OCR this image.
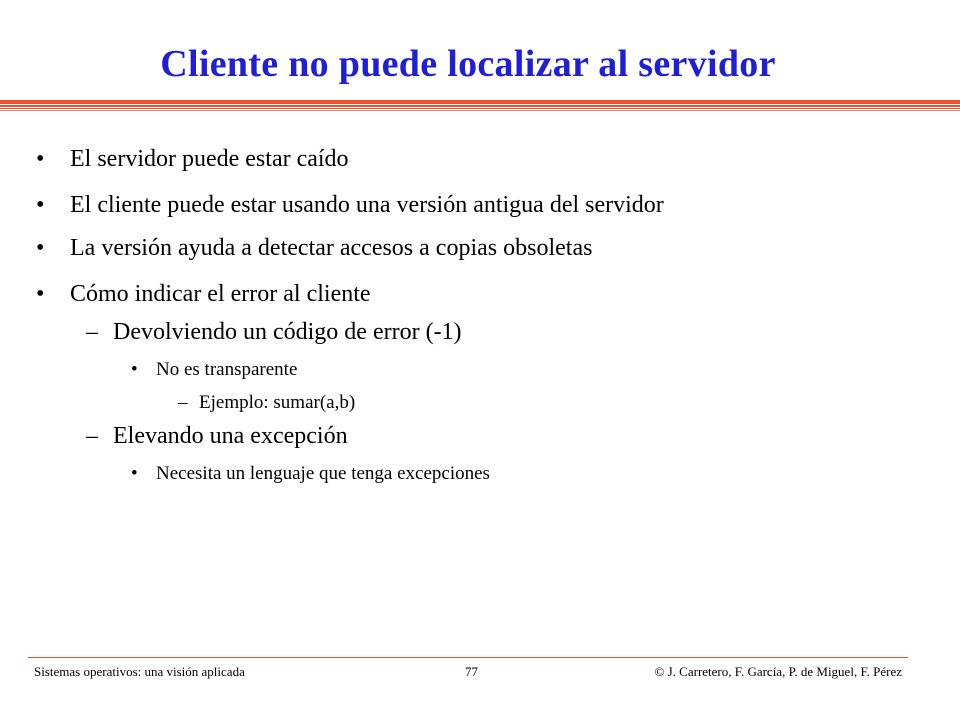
Cliente no puede localizar al servidor
• El servidor puede estar caído
• El cliente puede estar usando una versión antigua del servidor
• La versión ayuda a detectar accesos a copias obsoletas
• Cómo indicar el error al cliente
– Devolviendo un código de error (-1)
• No es transparente
– Ejemplo: sumar(a,b)
– Elevando una excepción
• Necesita un lenguaje que tenga excepciones
Sistemas operativos: una visión aplicada	77	© J. Carretero, F. García, P. de Miguel, F. Pérez
